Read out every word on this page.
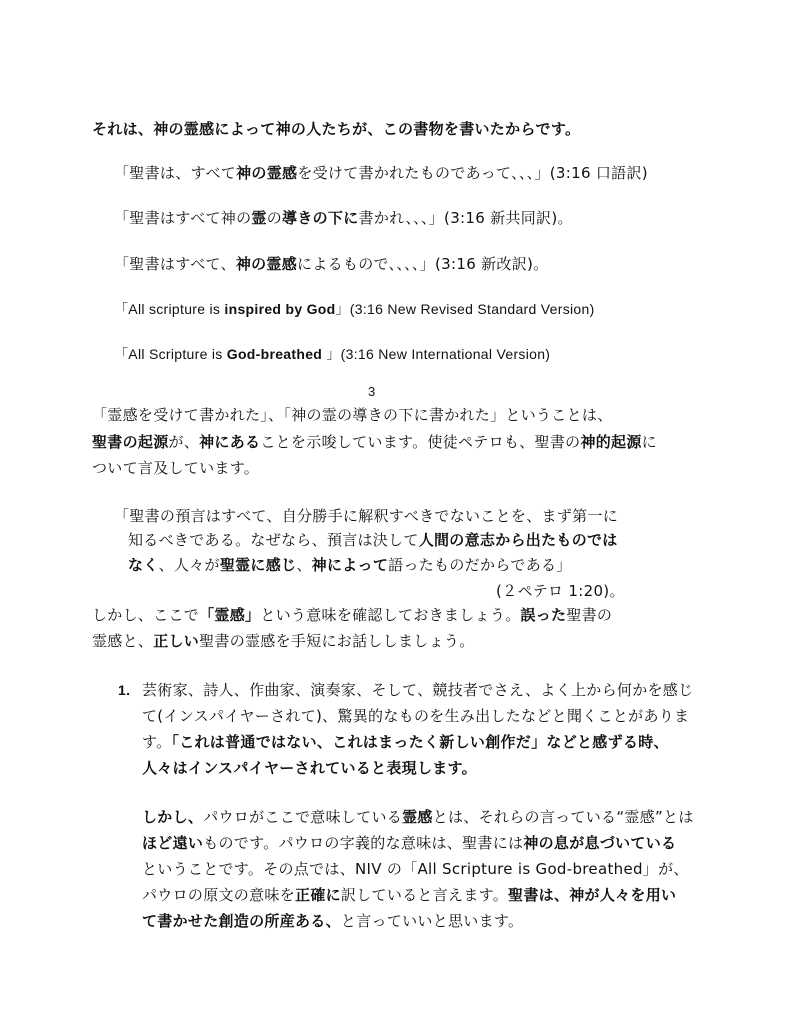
それは、神の霊感によって神の人たちが、この書物を書いたからです。
「聖書は、すべて神の霊感を受けて書かれたものであって、、、」(3:16 口語訳)
「聖書はすべて神の霊の導きの下に書かれ、、、」(3:16 新共同訳)。
「聖書はすべて、神の霊感によるもので、、、、」(3:16 新改訳)。
「All scripture is inspired by God」(3:16 New Revised Standard Version)
「All Scripture is God-breathed 」(3:16 New International Version)
3
「霊感を受けて書かれた」、「神の霊の導きの下に書かれた」ということは、
聖書の起源が、神にあることを示唆しています。使徒ペテロも、聖書の神的起源に
ついて言及しています。
「聖書の預言はすべて、自分勝手に解釈すべきでないことを、まず第一に
知るべきである。なぜなら、預言は決して人間の意志から出たものでは
なく、人々が聖霊に感じ、神によって語ったものだからである」
(２ペテロ 1:20)。
しかし、ここで「霊感」という意味を確認しておきましょう。誤った聖書の
霊感と、正しい聖書の霊感を手短にお話ししましょう。
1. 芸術家、詩人、作曲家、演奏家、そして、競技者でさえ、よく上から何かを感じ
て(インスパイヤーされて)、驚異的なものを生み出したなどと聞くことがありま
す。「これは普通ではない、これはまったく新しい創作だ」などと感ずる時、
人々はインスパイヤーされていると表現します。
しかし、パウロがここで意味している霊感とは、それらの言っている“霊感”とは
ほど遠いものです。パウロの字義的な意味は、聖書には神の息が息づいている
ということです。その点では、NIV の「All Scripture is God-breathed」が、
パウロの原文の意味を正確に訳していると言えます。聖書は、神が人々を用い
て書かせた創造の所産ある、と言っていいと思います。
